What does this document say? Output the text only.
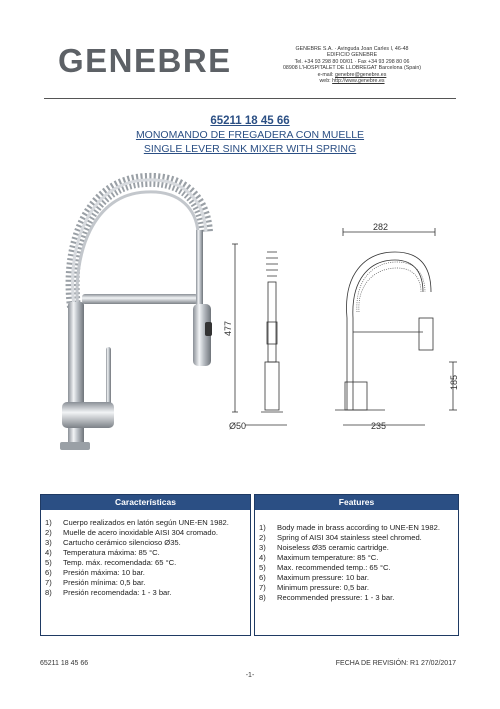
GENEBRE	GENEBRE S.A. · Avinguda Joan Carles I, 46-48
EDIFICIO GENEBRE
Tel. +34 93 298 80 00/01 · Fax +34 93 298 80 06
08908 L'HOSPITALET DE LLOBREGAT Barcelona (Spain)
e-mail: genebre@genebre.es
web: http://www.genebre.es
65211 18 45 66
MONOMANDO DE FREGADERA CON MUELLE
SINGLE LEVER SINK MIXER WITH SPRING
477
282
Ø50	235
185
Características
1) Cuerpo realizados en latón según UNE-EN 1982.
2) Muelle de acero inoxidable AISI 304 cromado.
3) Cartucho cerámico silencioso Ø35.
4) Temperatura máxima: 85 °C.
5) Temp. máx. recomendada: 65 °C.
6) Presión máxima: 10 bar.
7) Presión mínima: 0,5 bar.
8) Presión recomendada: 1 - 3 bar.
Features
1) Body made in brass according to UNE-EN 1982.
2) Spring of AISI 304 stainless steel chromed.
3) Noiseless Ø35 ceramic cartridge.
4) Maximum temperature: 85 °C.
5) Max. recommended temp.: 65 °C.
6) Maximum pressure: 10 bar.
7) Minimum pressure: 0,5 bar.
8) Recommended pressure: 1 - 3 bar.
65211 18 45 66	FECHA DE REVISIÓN: R1 27/02/2017
-1-
